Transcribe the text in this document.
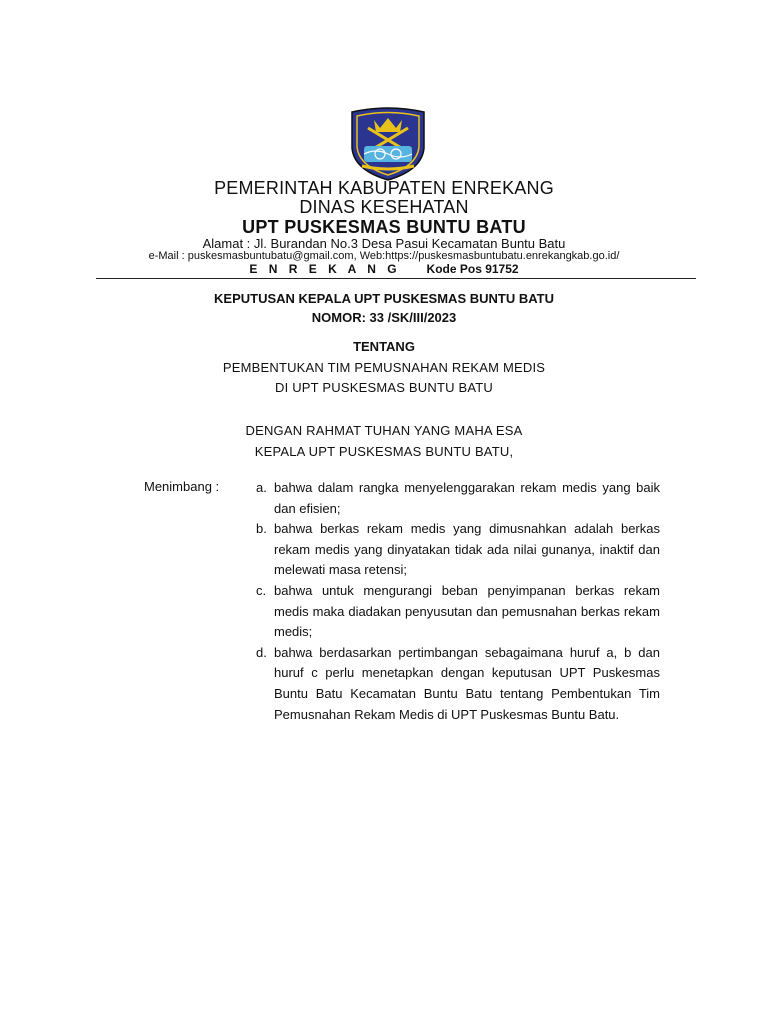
PEMERINTAH KABUPATEN ENREKANG
DINAS KESEHATAN
UPT PUSKESMAS BUNTU BATU
Alamat : Jl. Burandan No.3 Desa Pasui Kecamatan Buntu Batu
e-Mail : puskesmasbuntubatu@gmail.com, Web:https://puskesmasbuntubatu.enrekangkab.go.id/
E N R E K A N G Kode Pos 91752
KEPUTUSAN KEPALA UPT PUSKESMAS BUNTU BATU
NOMOR: 33 /SK/III/2023
TENTANG
PEMBENTUKAN TIM PEMUSNAHAN REKAM MEDIS
DI UPT PUSKESMAS BUNTU BATU
DENGAN RAHMAT TUHAN YANG MAHA ESA
KEPALA UPT PUSKESMAS BUNTU BATU,
Menimbang :	a. bahwa dalam rangka menyelenggarakan rekam medis yang baik dan efisien;
b. bahwa berkas rekam medis yang dimusnahkan adalah berkas rekam medis yang dinyatakan tidak ada nilai gunanya, inaktif dan melewati masa retensi;
c. bahwa untuk mengurangi beban penyimpanan berkas rekam medis maka diadakan penyusutan dan pemusnahan berkas rekam medis;
d. bahwa berdasarkan pertimbangan sebagaimana huruf a, b dan huruf c perlu menetapkan dengan keputusan UPT Puskesmas Buntu Batu Kecamatan Buntu Batu tentang Pembentukan Tim Pemusnahan Rekam Medis di UPT Puskesmas Buntu Batu.
